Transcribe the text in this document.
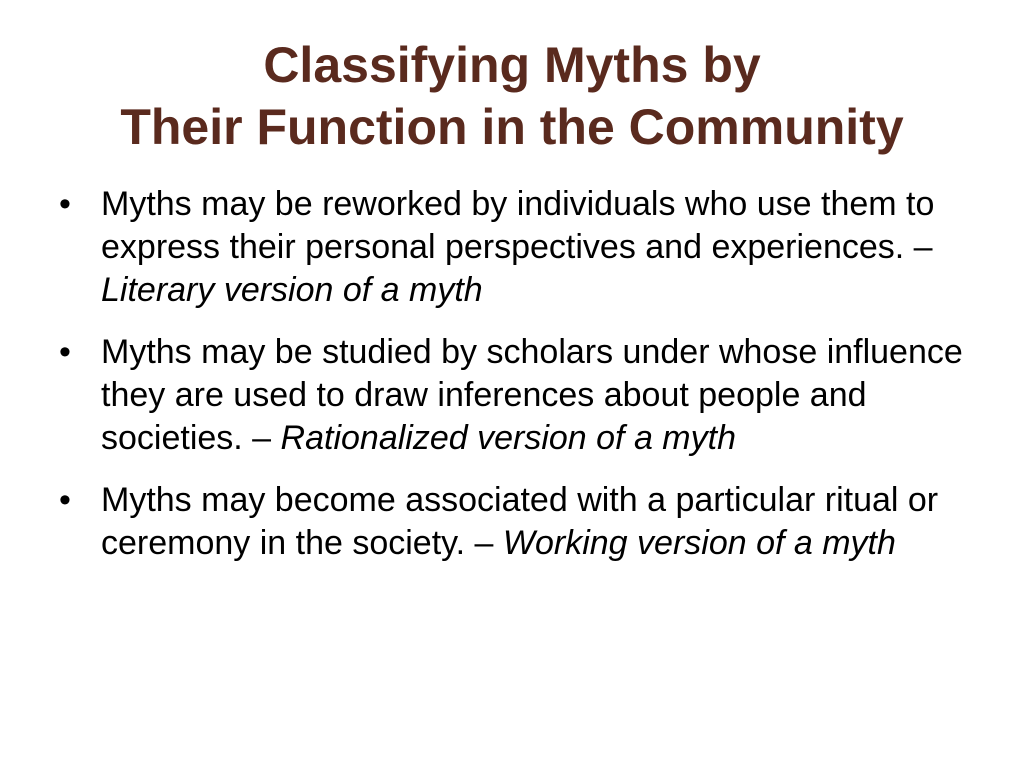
Classifying Myths by
Their Function in the Community
• Myths may be reworked by individuals who use them to express their personal perspectives and experiences. – Literary version of a myth
• Myths may be studied by scholars under whose influence they are used to draw inferences about people and societies. – Rationalized version of a myth
• Myths may become associated with a particular ritual or ceremony in the society. – Working version of a myth
